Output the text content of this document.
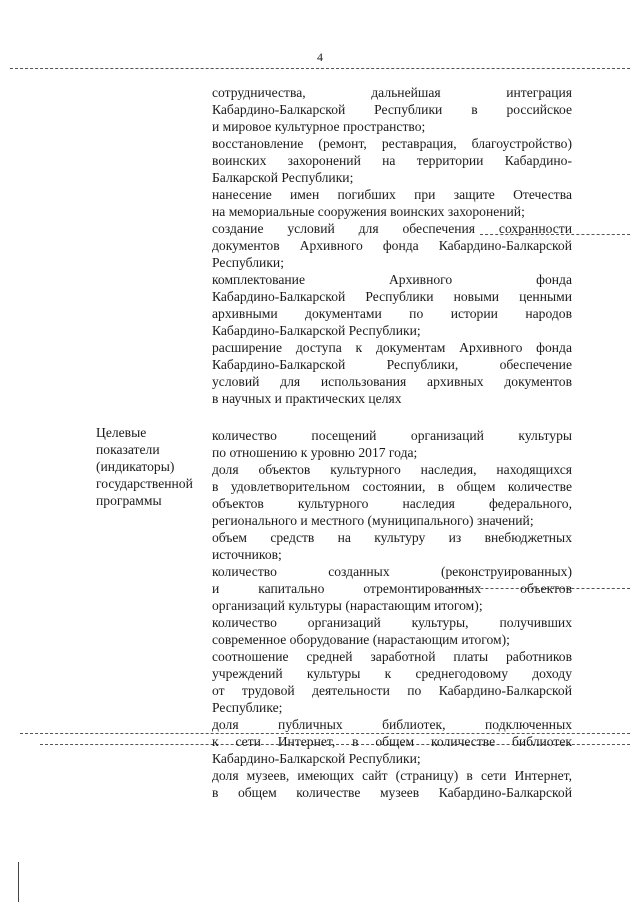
4
Целевые
показатели
(индикаторы)
государственной
программы
сотрудничества, дальнейшая интеграция
Кабардино-Балкарской Республики в российское
и мировое культурное пространство;
восстановление (ремонт, реставрация, благоустройство)
воинских захоронений на территории Кабардино-
Балкарской Республики;
нанесение имен погибших при защите Отечества
на мемориальные сооружения воинских захоронений;
создание условий для обеспечения сохранности
документов Архивного фонда Кабардино-Балкарской
Республики;
комплектование Архивного фонда
Кабардино-Балкарской Республики новыми ценными
архивными документами по истории народов
Кабардино-Балкарской Республики;
расширение доступа к документам Архивного фонда
Кабардино-Балкарской Республики, обеспечение
условий для использования архивных документов
в научных и практических целях
количество посещений организаций культуры
по отношению к уровню 2017 года;
доля объектов культурного наследия, находящихся
в удовлетворительном состоянии, в общем количестве
объектов культурного наследия федерального,
регионального и местного (муниципального) значений;
объем средств на культуру из внебюджетных
источников;
количество созданных (реконструированных)
и капитально отремонтированных объектов
организаций культуры (нарастающим итогом);
количество организаций культуры, получивших
современное оборудование (нарастающим итогом);
соотношение средней заработной платы работников
учреждений культуры к среднегодовому доходу
от трудовой деятельности по Кабардино-Балкарской
Республике;
доля публичных библиотек, подключенных
к сети Интернет, в общем количестве библиотек
Кабардино-Балкарской Республики;
доля музеев, имеющих сайт (страницу) в сети Интернет,
в общем количестве музеев Кабардино-Балкарской
